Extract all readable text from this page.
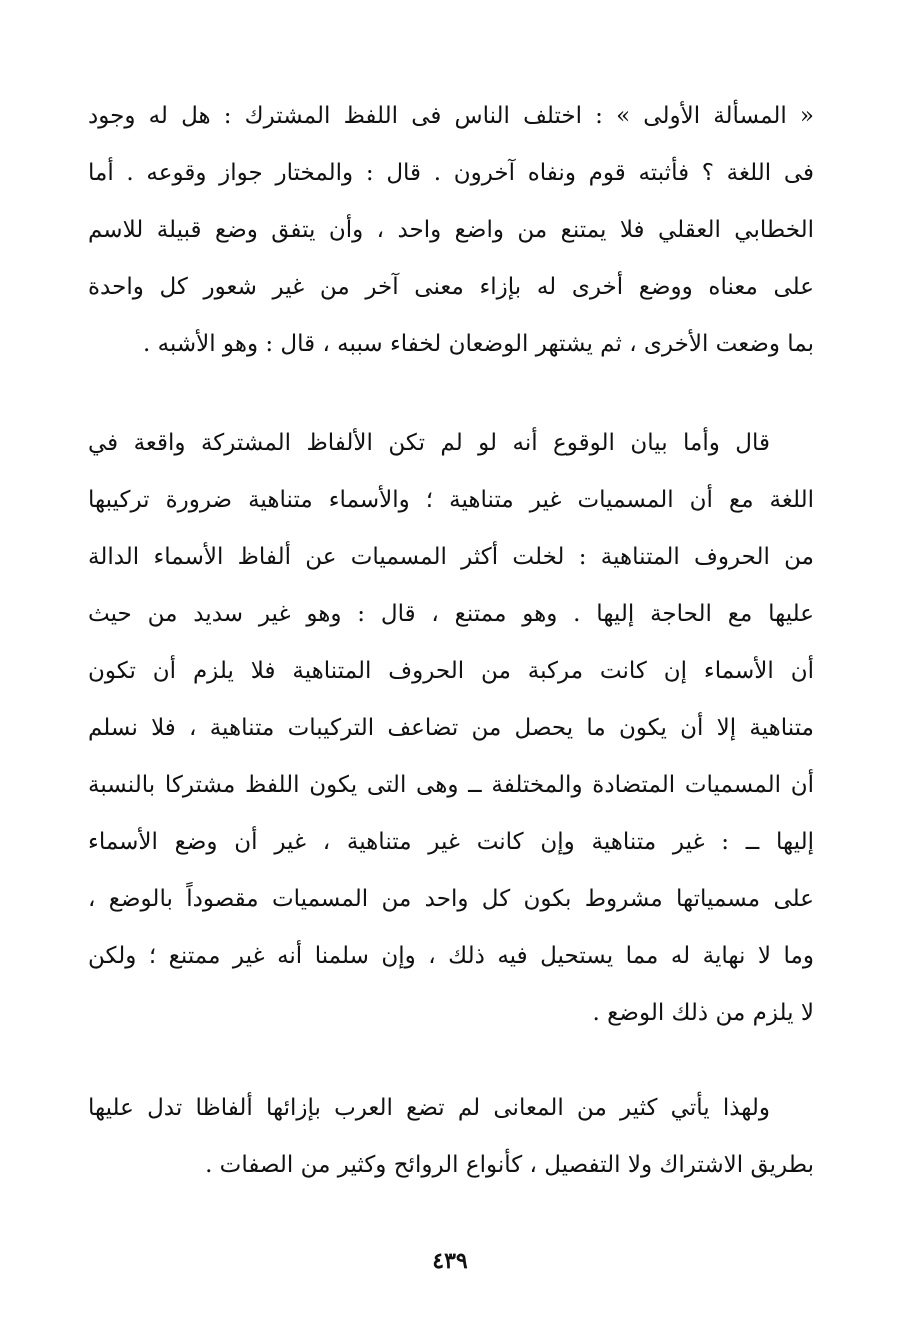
« المسألة الأولى » : اختلف الناس فى اللفظ المشترك : هل له وجود
فى اللغة ؟ فأثبته قوم ونفاه آخرون . قال : والمختار جواز وقوعه . أما
الخطابي العقلي فلا يمتنع من واضع واحد ، وأن يتفق وضع قبيلة للاسم
على معناه ووضع أخرى له بإزاء معنى آخر من غير شعور كل واحدة
بما وضعت الأخرى ، ثم يشتهر الوضعان لخفاء سببه ، قال : وهو الأشبه .

قال وأما بيان الوقوع أنه لو لم تكن الألفاظ المشتركة واقعة في
اللغة مع أن المسميات غير متناهية ؛ والأسماء متناهية ضرورة تركيبها
من الحروف المتناهية : لخلت أكثر المسميات عن ألفاظ الأسماء الدالة
عليها مع الحاجة إليها . وهو ممتنع ، قال : وهو غير سديد من حيث
أن الأسماء إن كانت مركبة من الحروف المتناهية فلا يلزم أن تكون
متناهية إلا أن يكون ما يحصل من تضاعف التركيبات متناهية ، فلا نسلم
أن المسميات المتضادة والمختلفة ــ وهى التى يكون اللفظ مشتركا بالنسبة
إليها ــ : غير متناهية وإن كانت غير متناهية ، غير أن وضع الأسماء
على مسمياتها مشروط بكون كل واحد من المسميات مقصوداً بالوضع ،
وما لا نهاية له مما يستحيل فيه ذلك ، وإن سلمنا أنه غير ممتنع ؛ ولكن
لا يلزم من ذلك الوضع .

ولهذا يأتي كثير من المعانى لم تضع العرب بإزائها ألفاظا تدل عليها
بطريق الاشتراك ولا التفصيل ، كأنواع الروائح وكثير من الصفات .

٤٣٩
